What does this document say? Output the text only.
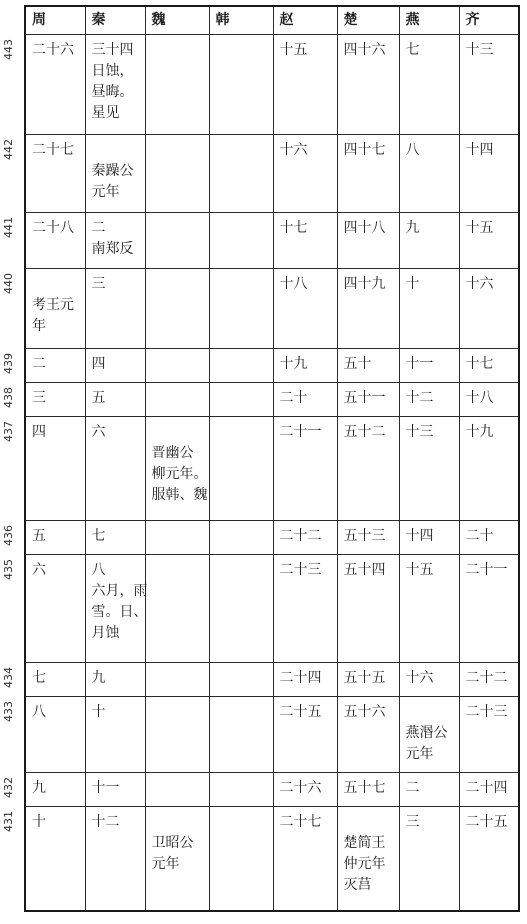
周	秦	魏	韩	赵	楚	燕	齐

二十六	三十四
日蚀，
昼晦。
星见			十五	四十六	七	十三

二十七	秦躁公
元年			十六	四十七	八	十四

二十八	二
南郑反			十七	四十八	九	十五

考王元
年	三			十八	四十九	十	十六

二	四			十九	五十	十一	十七

三	五			二十	五十一	十二	十八

四	六	晋幽公
柳元年。
服韩、魏		二十一	五十二	十三	十九

五	七			二十二	五十三	十四	二十

六	八
六月，雨
雪。日、
月蚀			二十三	五十四	十五	二十一

七	九			二十四	五十五	十六	二十二

八	十			二十五	五十六	燕湣公
元年	二十三

九	十一			二十六	五十七	二	二十四

十	十二	卫昭公
元年		二十七	楚简王
仲元年
灭莒	三	二十五
443
442
441
440
439
438
437
436
435
434
433
432
431
